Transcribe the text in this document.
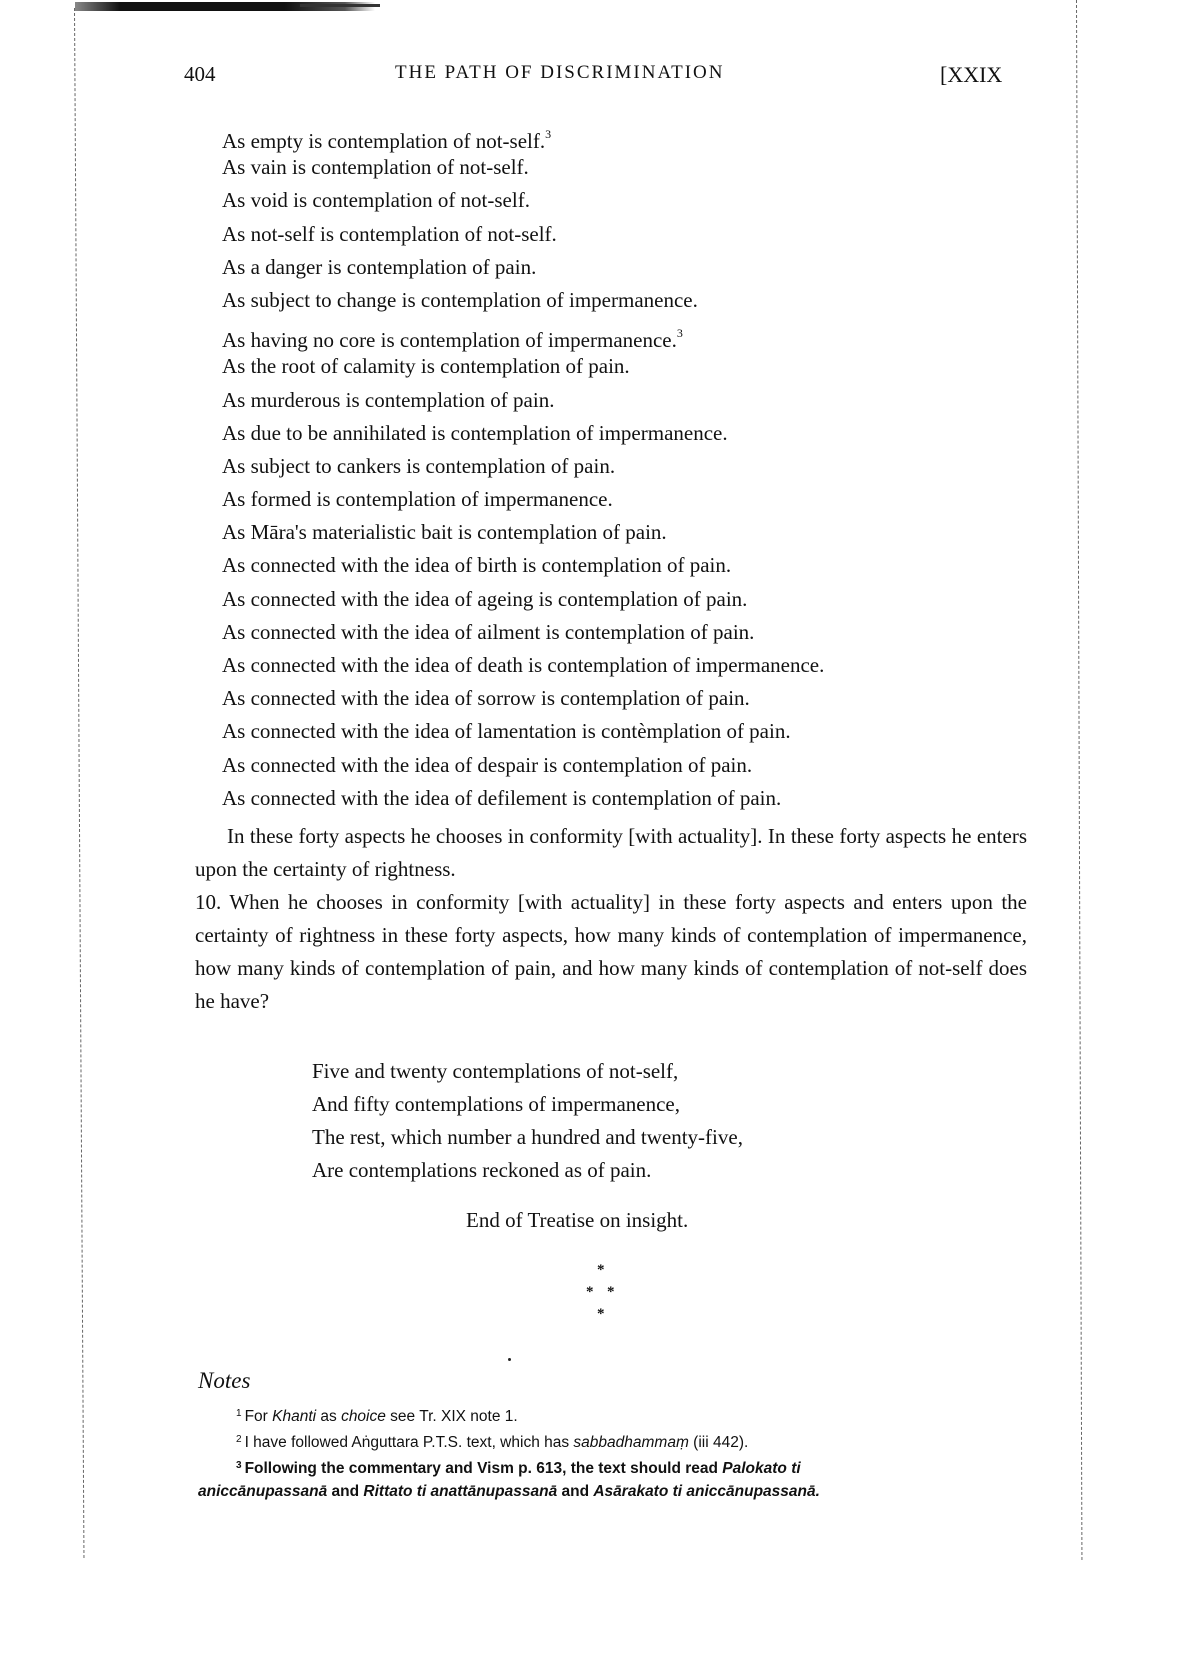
404	THE PATH OF DISCRIMINATION	[XXIX
As empty is contemplation of not-self.$^3$
As vain is contemplation of not-self.
As void is contemplation of not-self.
As not-self is contemplation of not-self.
As a danger is contemplation of pain.
As subject to change is contemplation of impermanence.
As having no core is contemplation of impermanence.$^3$
As the root of calamity is contemplation of pain.
As murderous is contemplation of pain.
As due to be annihilated is contemplation of impermanence.
As subject to cankers is contemplation of pain.
As formed is contemplation of impermanence.
As Māra's materialistic bait is contemplation of pain.
As connected with the idea of birth is contemplation of pain.
As connected with the idea of ageing is contemplation of pain.
As connected with the idea of ailment is contemplation of pain.
As connected with the idea of death is contemplation of impermanence.
As connected with the idea of sorrow is contemplation of pain.
As connected with the idea of lamentation is contèmplation of pain.
As connected with the idea of despair is contemplation of pain.
As connected with the idea of defilement is contemplation of pain.
In these forty aspects he chooses in conformity [with actuality]. In these forty aspects he enters upon the certainty of rightness.
10. When he chooses in conformity [with actuality] in these forty aspects and enters upon the certainty of rightness in these forty aspects, how many kinds of contemplation of impermanence, how many kinds of contemplation of pain, and how many kinds of contemplation of not-self does he have?
Five and twenty contemplations of not-self,
And fifty contemplations of impermanence,
The rest, which number a hundred and twenty-five,
Are contemplations reckoned as of pain.
End of Treatise on insight.
*
* *
*
Notes
$^1$ For Khanti as choice see Tr. XIX note 1.
$^2$ I have followed Aṅguttara P.T.S. text, which has sabbadhammaṃ (iii 442).
$^3$ Following the commentary and Vism p. 613, the text should read Palokato ti
aniccānupassanā and Rittato ti anattānupassanā and Asārakato ti aniccānupassanā.
